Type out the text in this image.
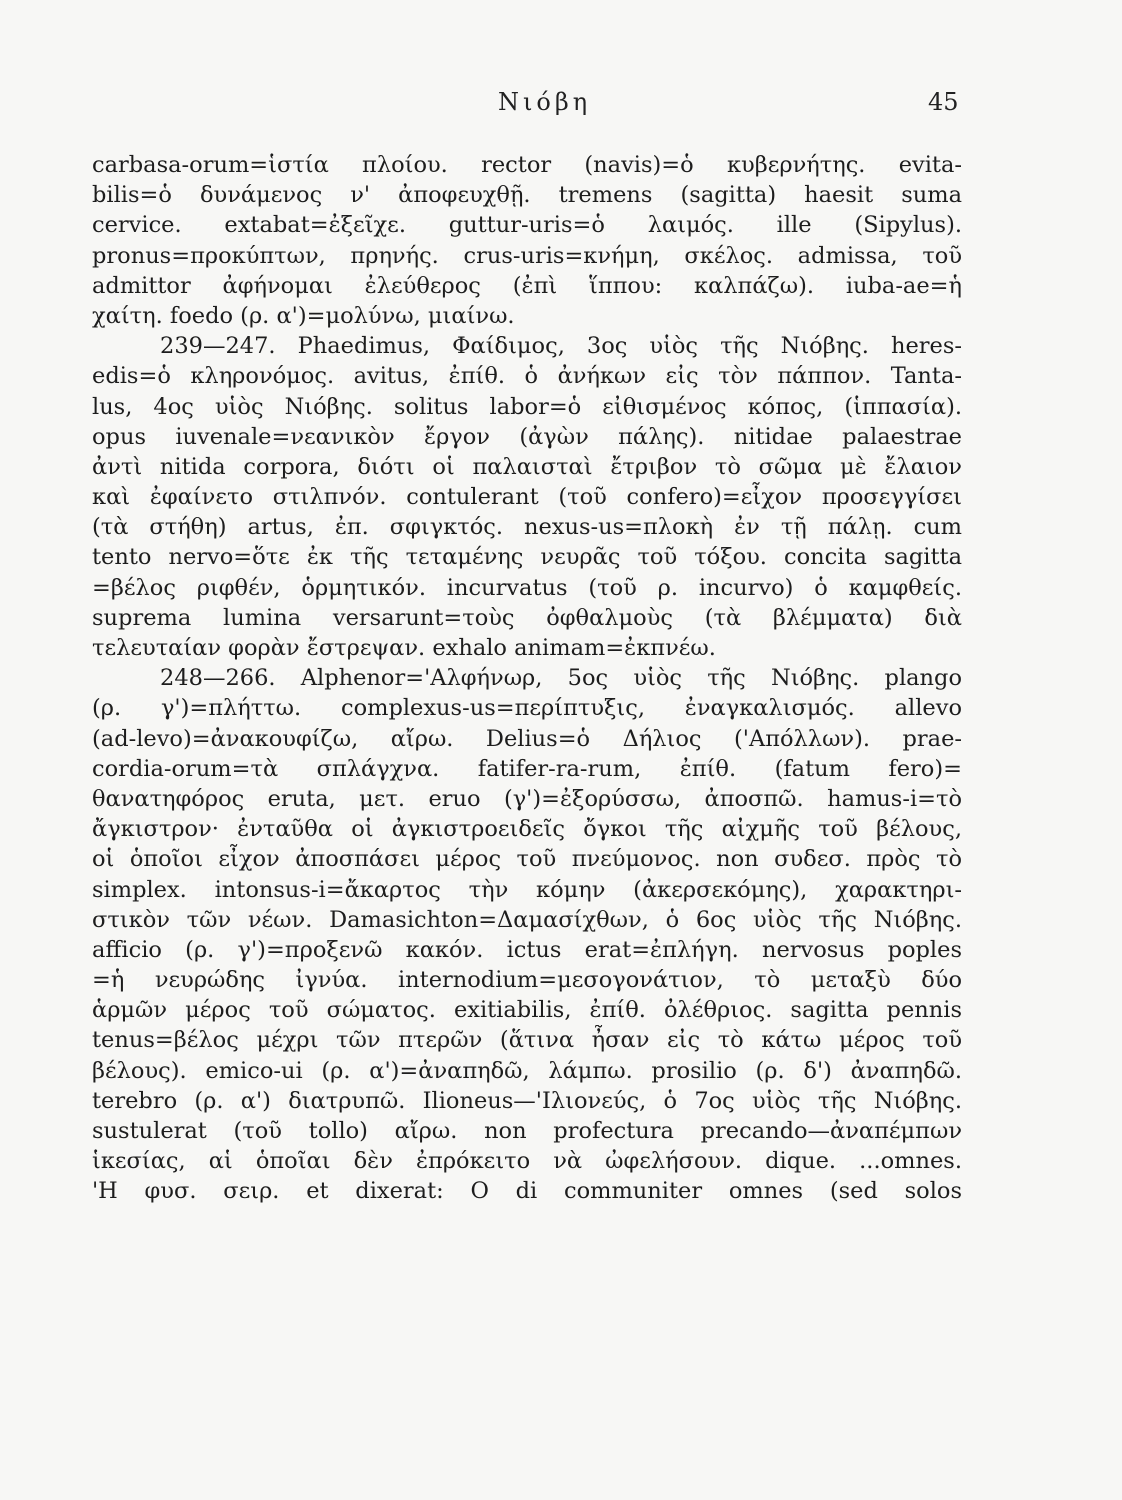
Νιόβη	45
carbasa-orum=ἱστία πλοίου. rector (navis)=ὁ κυβερνήτης. evita-
bilis=ὁ δυνάμενος ν' ἀποφευχθῇ. tremens (sagitta) haesit suma
cervice. extabat=ἐξεῖχε. guttur-uris=ὁ λαιμός. ille (Sipylus).
pronus=προκύπτων, πρηνής. crus-uris=κνήμη, σκέλος. admissa, τοῦ
admittor ἀφήνομαι ἐλεύθερος (ἐπὶ ἵππου: καλπάζω). iuba-ae=ἡ
χαίτη. foedo (ρ. α')=μολύνω, μιαίνω.
239—247. Phaedimus, Φαίδιμος, 3ος υἱὸς τῆς Νιόβης. heres-
edis=ὁ κληρονόμος. avitus, ἐπίθ. ὁ ἀνήκων εἰς τὸν πάππον. Tanta-
lus, 4ος υἱὸς Νιόβης. solitus labor=ὁ εἰθισμένος κόπος, (ἱππασία).
opus iuvenale=νεανικὸν ἔργον (ἀγὼν πάλης). nitidae palaestrae
ἀντὶ nitida corpora, διότι οἱ παλαισταὶ ἔτριβον τὸ σῶμα μὲ ἔλαιον
καὶ ἐφαίνετο στιλπνόν. contulerant (τοῦ confero)=εἶχον προσεγγίσει
(τὰ στήθη) artus, ἐπ. σφιγκτός. nexus-us=πλοκὴ ἐν τῇ πάλῃ. cum
tento nervo=ὅτε ἐκ τῆς τεταμένης νευρᾶς τοῦ τόξου. concita sagitta
=βέλος ριφθέν, ὁρμητικόν. incurvatus (τοῦ ρ. incurvo) ὁ καμφθείς.
suprema lumina versarunt=τοὺς ὀφθαλμοὺς (τὰ βλέμματα) διὰ
τελευταίαν φορὰν ἔστρεψαν. exhalo animam=ἐκπνέω.
248—266. Alphenor='Αλφήνωρ, 5ος υἱὸς τῆς Νιόβης. plango
(ρ. γ')=πλήττω. complexus-us=περίπτυξις, ἐναγκαλισμός. allevo
(ad-levo)=ἀνακουφίζω, αἴρω. Delius=ὁ Δήλιος ('Απόλλων). prae-
cordia-orum=τὰ σπλάγχνα. fatifer-ra-rum, ἐπίθ. (fatum fero)=
θανατηφόρος eruta, μετ. eruo (γ')=ἐξορύσσω, ἀποσπῶ. hamus-i=τὸ
ἄγκιστρον· ἐνταῦθα οἱ ἀγκιστροειδεῖς ὄγκοι τῆς αἰχμῆς τοῦ βέλους,
οἱ ὁποῖοι εἶχον ἀποσπάσει μέρος τοῦ πνεύμονος. non συδεσ. πρὸς τὸ
simplex. intonsus-i=ἄκαρτος τὴν κόμην (ἀκερσεκόμης), χαρακτηρι-
στικὸν τῶν νέων. Damasichton=Δαμασίχθων, ὁ 6ος υἱὸς τῆς Νιόβης.
afficio (ρ. γ')=προξενῶ κακόν. ictus erat=ἐπλήγη. nervosus poples
=ἡ νευρώδης ἰγνύα. internodium=μεσογονάτιον, τὸ μεταξὺ δύο
ἁρμῶν μέρος τοῦ σώματος. exitiabilis, ἐπίθ. ὀλέθριος. sagitta pennis
tenus=βέλος μέχρι τῶν πτερῶν (ἅτινα ἦσαν εἰς τὸ κάτω μέρος τοῦ
βέλους). emico-ui (ρ. α')=ἀναπηδῶ, λάμπω. prosilio (ρ. δ') ἀναπηδῶ.
terebro (ρ. α') διατρυπῶ. Ilioneus—'Ιλιονεύς, ὁ 7ος υἱὸς τῆς Νιόβης.
sustulerat (τοῦ tollo) αἴρω. non profectura precando—ἀναπέμπων
ἱκεσίας, αἱ ὁποῖαι δὲν ἐπρόκειτο νὰ ὠφελήσουν. dique. ...omnes.
'Η φυσ. σειρ. et dixerat: O di communiter omnes (sed solos
